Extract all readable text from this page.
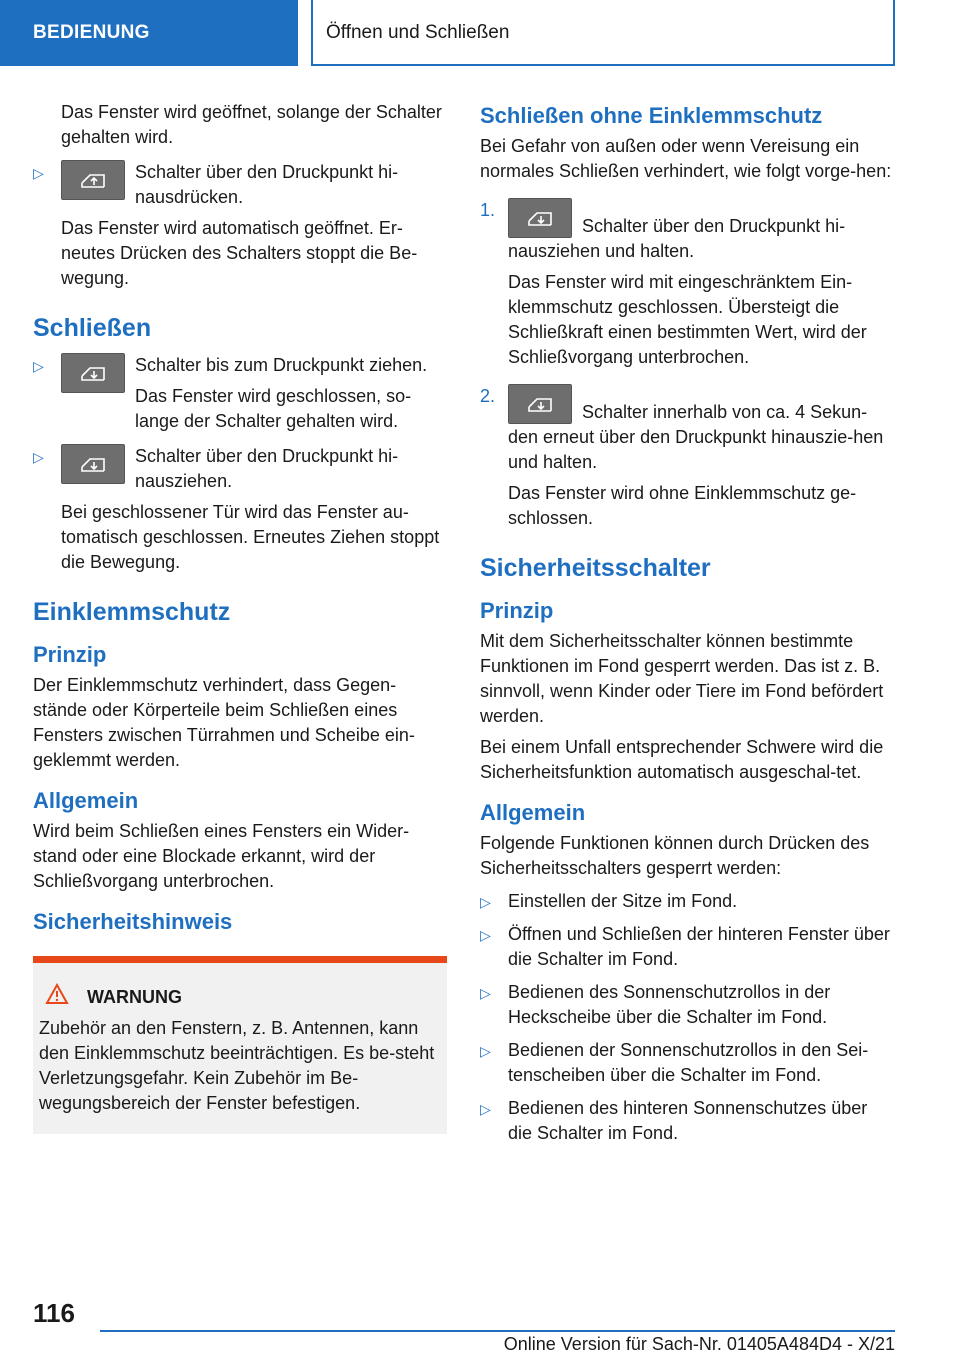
BEDIENUNG	Öffnen und Schließen

Das Fenster wird geöffnet, solange der Schalter gehalten wird.

▷	Schalter über den Druckpunkt hi-nausdrücken.

Das Fenster wird automatisch geöffnet. Er-neutes Drücken des Schalters stoppt die Be-wegung.

Schließen
▷	Schalter bis zum Druckpunkt ziehen.

Das Fenster wird geschlossen, so-lange der Schalter gehalten wird.

▷	Schalter über den Druckpunkt hi-nausziehen.

Bei geschlossener Tür wird das Fenster au-tomatisch geschlossen. Erneutes Ziehen stoppt die Bewegung.

Einklemmschutz
Prinzip

Der Einklemmschutz verhindert, dass Gegen-stände oder Körperteile beim Schließen eines Fensters zwischen Türrahmen und Scheibe ein-geklemmt werden.

Allgemein

Wird beim Schließen eines Fensters ein Wider-stand oder eine Blockade erkannt, wird der Schließvorgang unterbrochen.

Sicherheitshinweis
WARNUNG

Zubehör an den Fenstern, z. B. Antennen, kann den Einklemmschutz beeinträchtigen. Es be-steht Verletzungsgefahr. Kein Zubehör im Be-wegungsbereich der Fenster befestigen.

Schließen ohne Einklemmschutz

Bei Gefahr von außen oder wenn Vereisung ein normales Schließen verhindert, wie folgt vorge-hen:

1.

Schalter über den Druckpunkt hi-nausziehen und halten.

Das Fenster wird mit eingeschränktem Ein-klemmschutz geschlossen. Übersteigt die Schließkraft einen bestimmten Wert, wird der Schließvorgang unterbrochen.

2.

Schalter innerhalb von ca. 4 Sekun-den erneut über den Druckpunkt hinauszie-hen und halten.

Das Fenster wird ohne Einklemmschutz ge-schlossen.

Sicherheitsschalter
Prinzip

Mit dem Sicherheitsschalter können bestimmte Funktionen im Fond gesperrt werden. Das ist z. B. sinnvoll, wenn Kinder oder Tiere im Fond befördert werden.

Bei einem Unfall entsprechender Schwere wird die Sicherheitsfunktion automatisch ausgeschal-tet.

Allgemein

Folgende Funktionen können durch Drücken des Sicherheitsschalters gesperrt werden:

▷ Einstellen der Sitze im Fond.
▷ Öffnen und Schließen der hinteren Fenster über die Schalter im Fond.
▷ Bedienen des Sonnenschutzrollos in der Heckscheibe über die Schalter im Fond.
▷ Bedienen der Sonnenschutzrollos in den Sei-tenscheiben über die Schalter im Fond.
▷ Bedienen des hinteren Sonnenschutzes über die Schalter im Fond.
116
Online Version für Sach-Nr. 01405A484D4 - X/21
